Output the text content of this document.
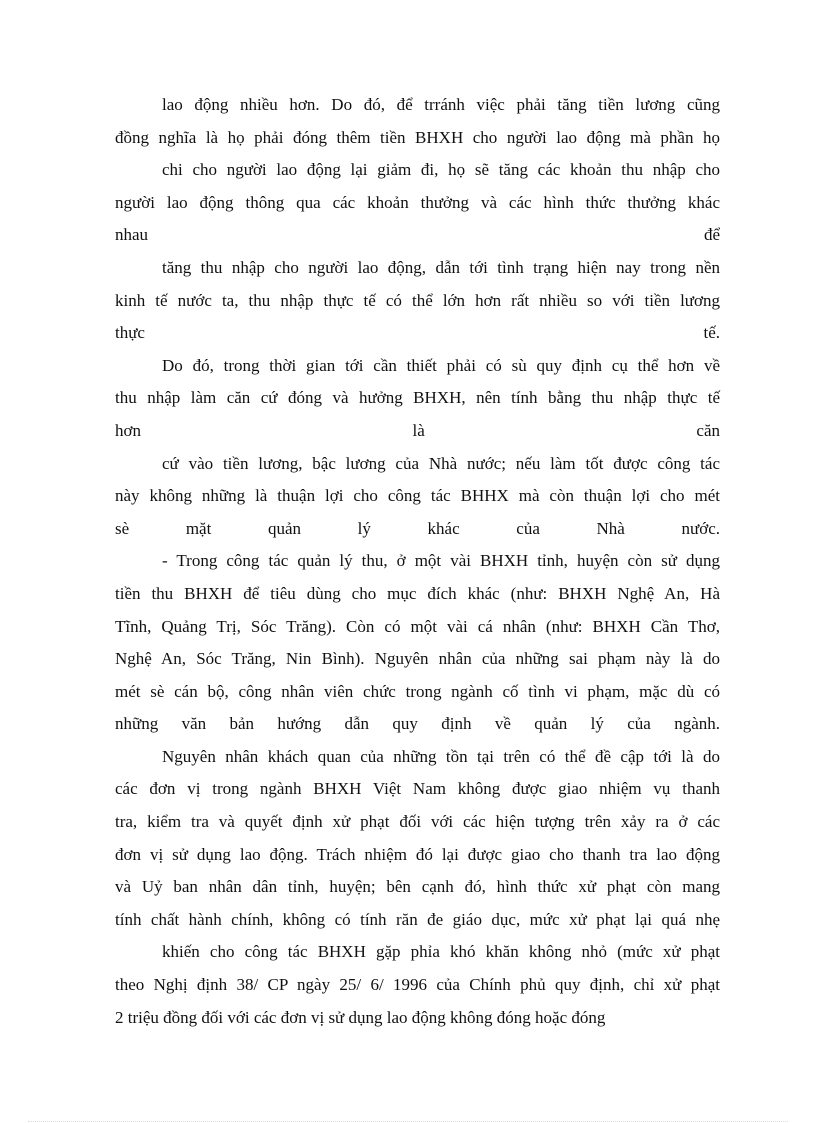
lao động nhiều hơn. Do đó, để trránh việc phải tăng tiền lương cũng
đồng nghĩa là họ phải đóng thêm tiền BHXH cho người lao động mà phần họ
chi cho người lao động lại giảm đi, họ sẽ tăng các khoản thu nhập cho
người lao động thông qua các khoản thưởng và các hình thức thưởng khác
nhau để
tăng thu nhập cho người lao động, dẫn tới tình trạng hiện nay trong nền
kinh tế nước ta, thu nhập thực tế có thể lớn hơn rất nhiều so với tiền lương
thực tế.
Do đó, trong thời gian tới cần thiết phải có sù quy định cụ thể hơn về
thu nhập làm căn cứ đóng và hưởng BHXH, nên tính bằng thu nhập thực tế
hơn là căn
cứ vào tiền lương, bậc lương của Nhà nước; nếu làm tốt được công tác
này không những là thuận lợi cho công tác BHHX mà còn thuận lợi cho mét
sè mặt quản lý khác của Nhà nước.
- Trong công tác quản lý thu, ở một vài BHXH tỉnh, huyện còn sử dụng
tiền thu BHXH để tiêu dùng cho mục đích khác (như: BHXH Nghệ An, Hà
Tĩnh, Quảng Trị, Sóc Trăng). Còn có một vài cá nhân (như: BHXH Cần Thơ,
Nghệ An, Sóc Trăng, Nin Bình). Nguyên nhân của những sai phạm này là do
mét sè cán bộ, công nhân viên chức trong ngành cố tình vi phạm, mặc dù có
những văn bản hướng dẫn quy định về quản lý của ngành.
Nguyên nhân khách quan của những tồn tại trên có thể đề cập tới là do
các đơn vị trong ngành BHXH Việt Nam không được giao nhiệm vụ thanh
tra, kiểm tra và quyết định xử phạt đối với các hiện tượng trên xảy ra ở các
đơn vị sử dụng lao động. Trách nhiệm đó lại được giao cho thanh tra lao động
và Uỷ ban nhân dân tỉnh, huyện; bên cạnh đó, hình thức xử phạt còn mang
tính chất hành chính, không có tính răn đe giáo dục, mức xử phạt lại quá nhẹ
khiến cho công tác BHXH gặp phỉa khó khăn không nhỏ (mức xử phạt
theo Nghị định 38/ CP ngày 25/ 6/ 1996 của Chính phủ quy định, chỉ xử phạt
2 triệu đồng đối với các đơn vị sử dụng lao động không đóng hoặc đóng
